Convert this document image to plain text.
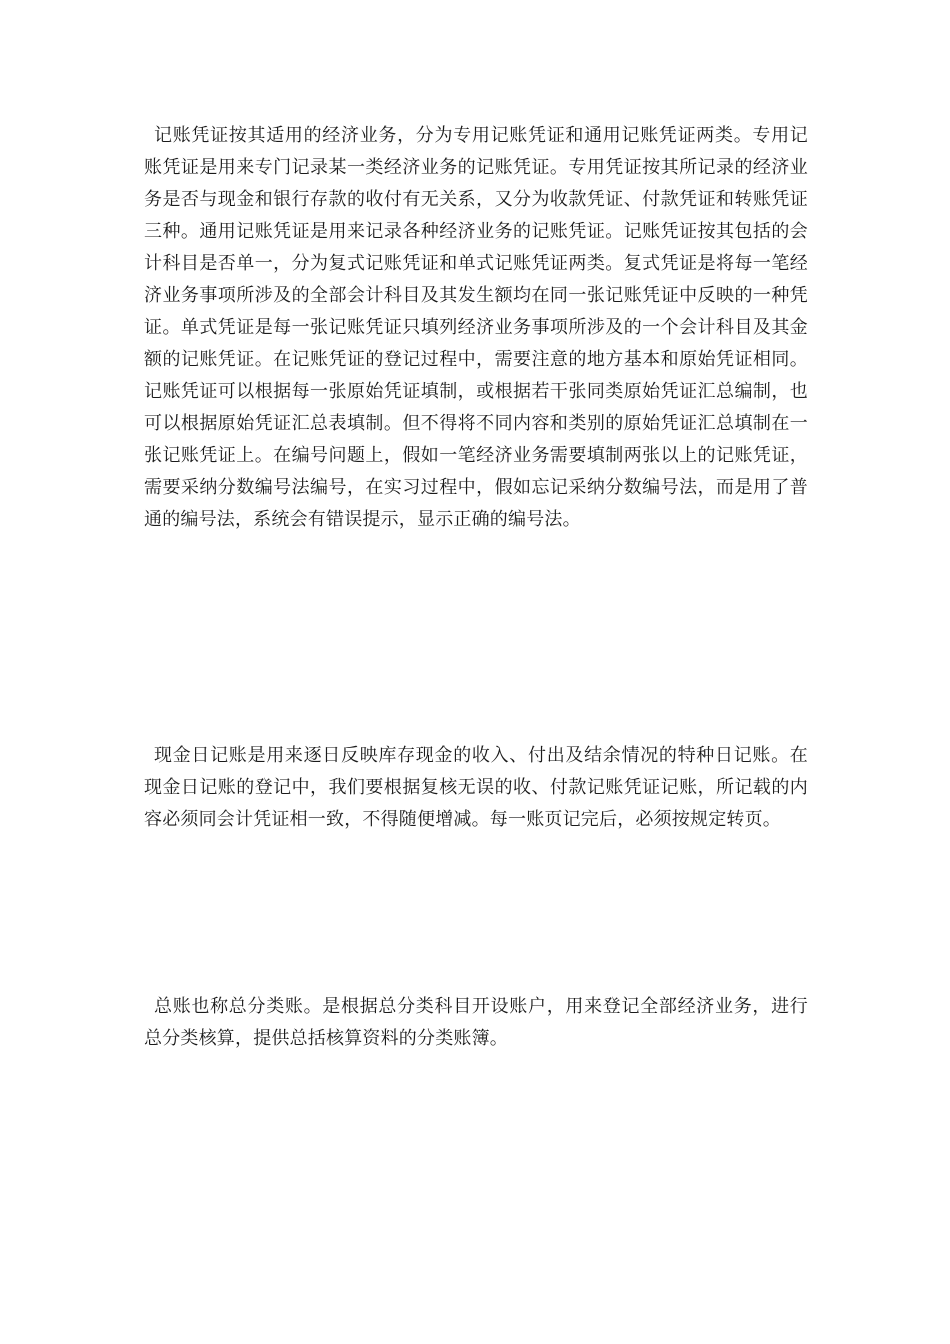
记账凭证按其适用的经济业务，分为专用记账凭证和通用记账凭证两类。专用记账凭证是用来专门记录某一类经济业务的记账凭证。专用凭证按其所记录的经济业务是否与现金和银行存款的收付有无关系，又分为收款凭证、付款凭证和转账凭证三种。通用记账凭证是用来记录各种经济业务的记账凭证。记账凭证按其包括的会计科目是否单一，分为复式记账凭证和单式记账凭证两类。复式凭证是将每一笔经济业务事项所涉及的全部会计科目及其发生额均在同一张记账凭证中反映的一种凭证。单式凭证是每一张记账凭证只填列经济业务事项所涉及的一个会计科目及其金额的记账凭证。在记账凭证的登记过程中，需要注意的地方基本和原始凭证相同。记账凭证可以根据每一张原始凭证填制，或根据若干张同类原始凭证汇总编制，也可以根据原始凭证汇总表填制。但不得将不同内容和类别的原始凭证汇总填制在一张记账凭证上。在编号问题上，假如一笔经济业务需要填制两张以上的记账凭证，需要采纳分数编号法编号，在实习过程中，假如忘记采纳分数编号法，而是用了普通的编号法，系统会有错误提示，显示正确的编号法。

现金日记账是用来逐日反映库存现金的收入、付出及结余情况的特种日记账。在现金日记账的登记中，我们要根据复核无误的收、付款记账凭证记账，所记载的内容必须同会计凭证相一致，不得随便增减。每一账页记完后，必须按规定转页。

总账也称总分类账。是根据总分类科目开设账户，用来登记全部经济业务，进行总分类核算，提供总括核算资料的分类账簿。
